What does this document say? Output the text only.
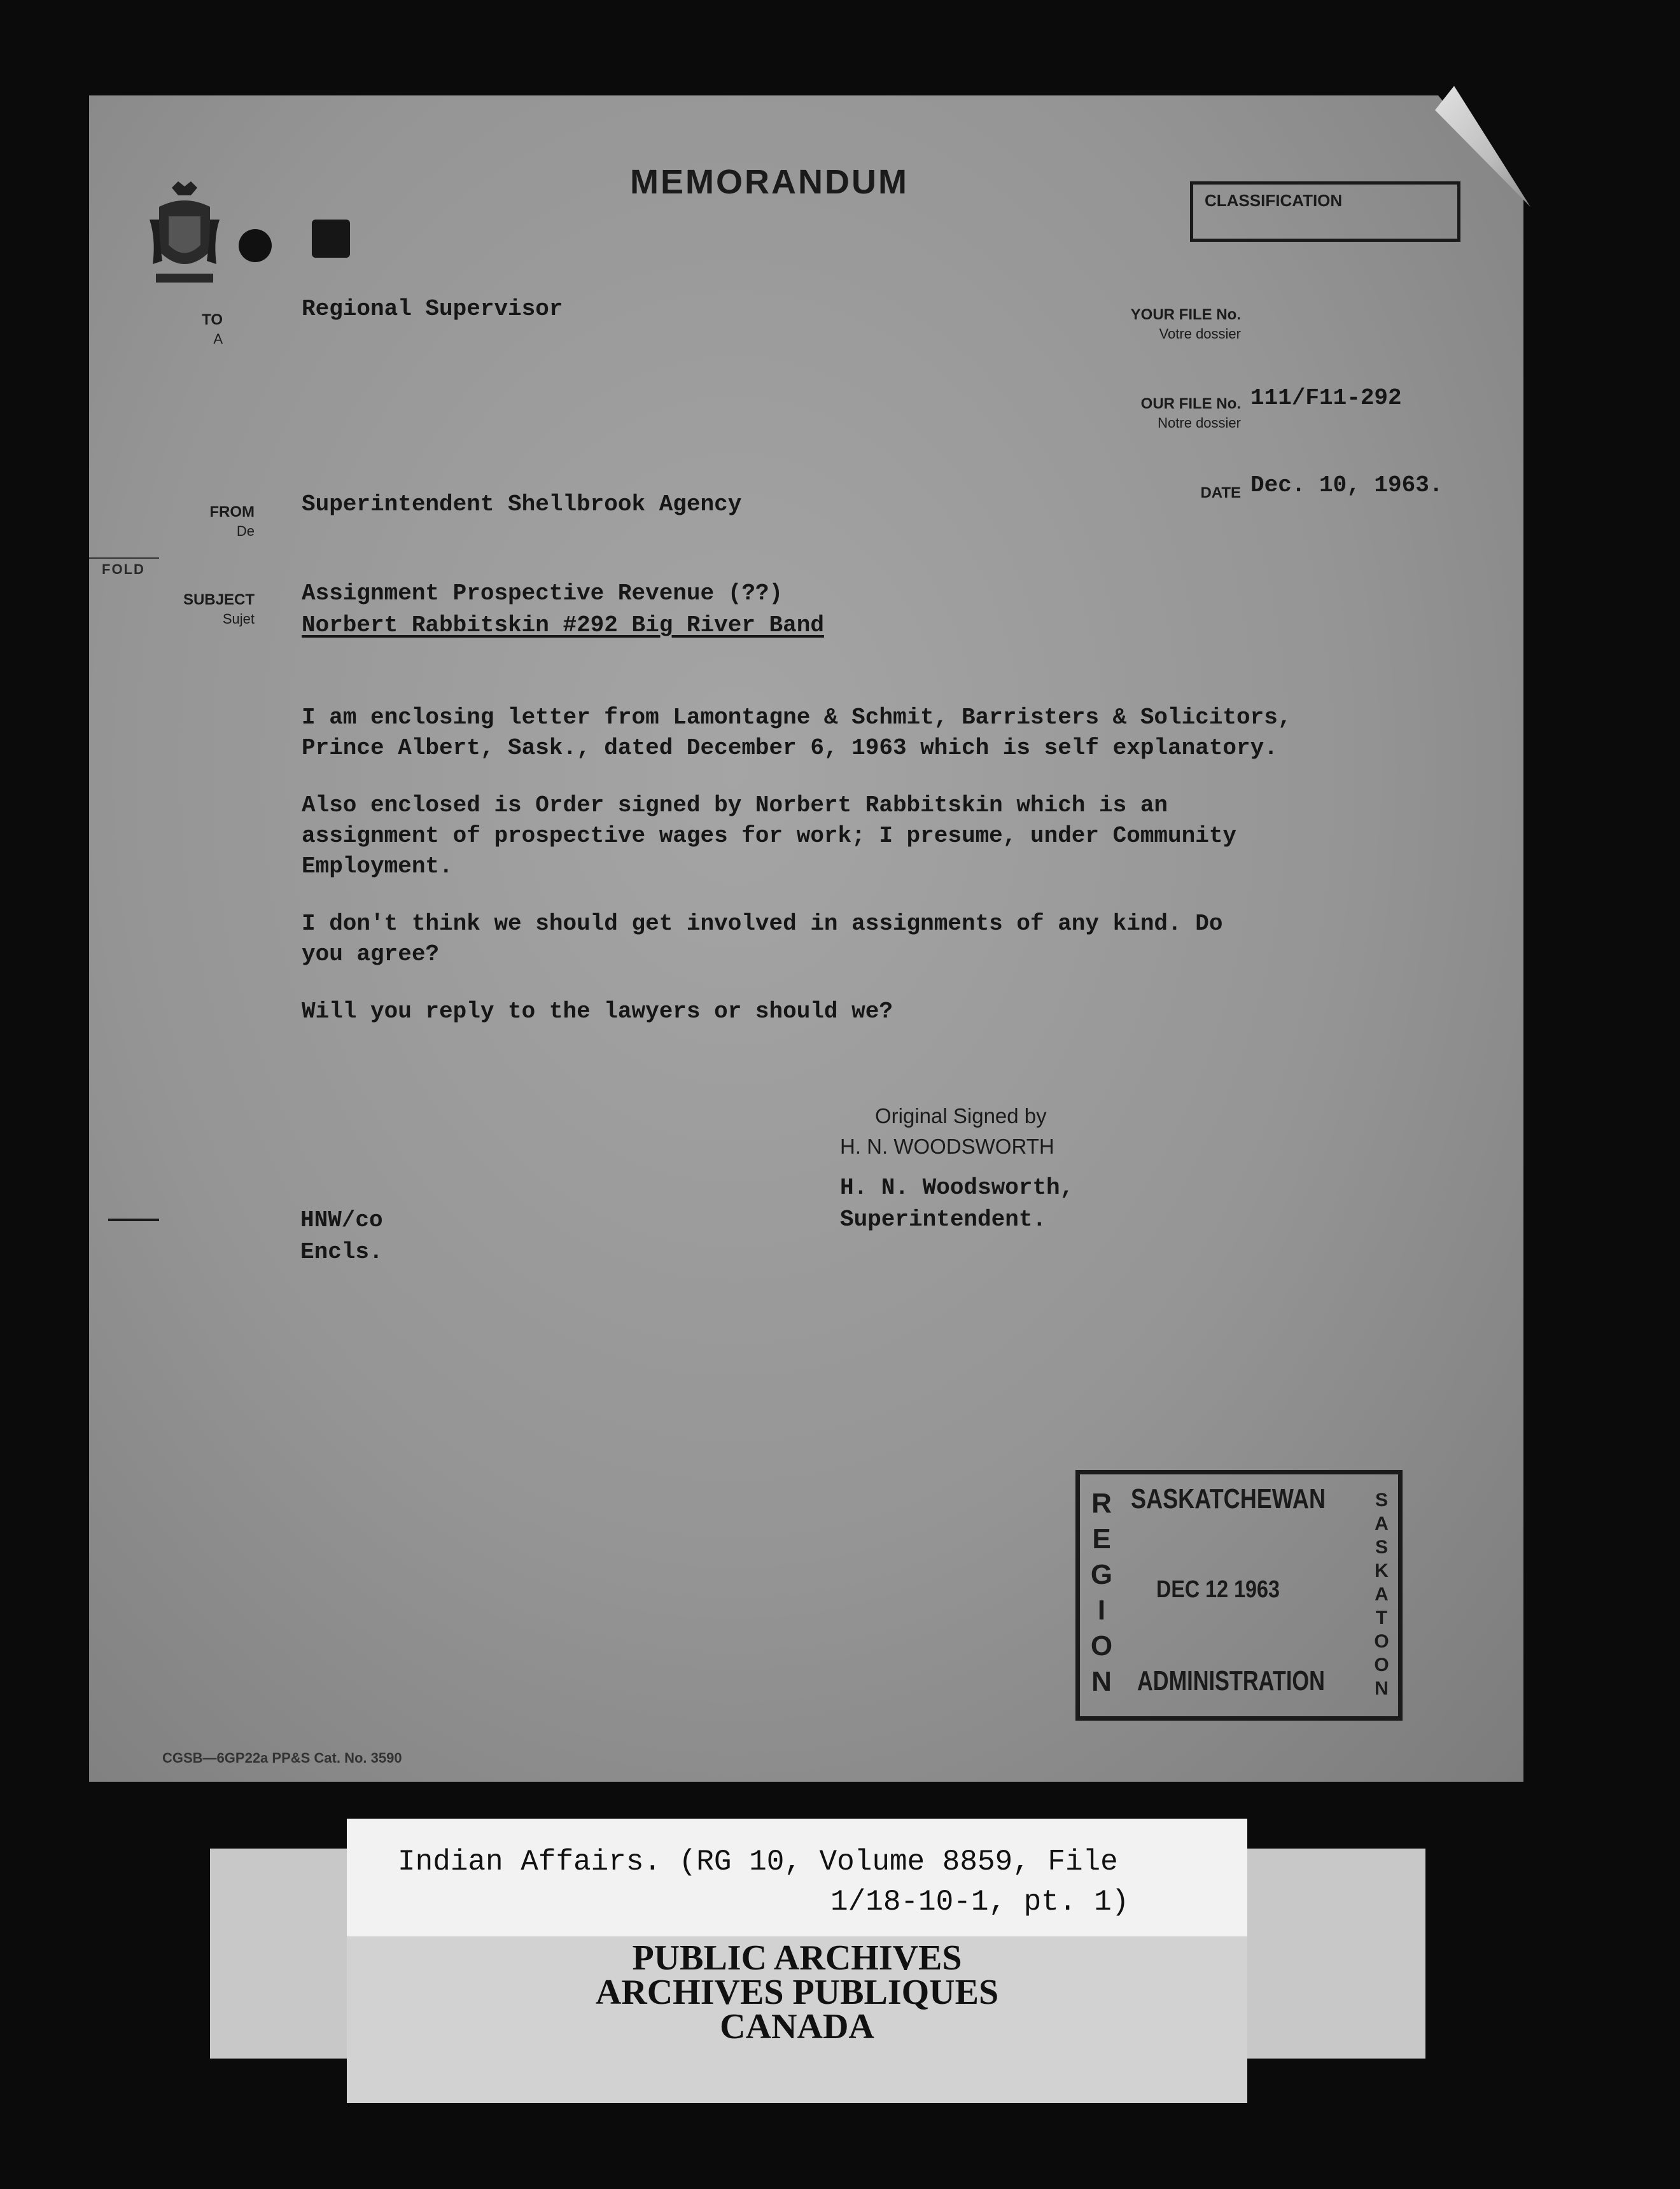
MEMORANDUM	CLASSIFICATION
TO
A
Regional Supervisor	YOUR FILE No.
Votre dossier
OUR FILE No.
Notre dossier
111/F11-292
DATE Dec. 10, 1963.
FROM
De
Superintendent Shellbrook Agency
FOLD
SUBJECT
Sujet
Assignment Prospective Revenue (??)
Norbert Rabbitskin #292 Big River Band

I am enclosing letter from Lamontagne & Schmit, Barristers & Solicitors,

Prince Albert, Sask., dated December 6, 1963 which is self explanatory.

Also enclosed is Order signed by Norbert Rabbitskin which is an

assignment of prospective wages for work; I presume, under Community

Employment.

I don't think we should get involved in assignments of any kind. Do

you agree?

Will you reply to the lawyers or should we?

Original Signed by
H. N. WOODSWORTH
H. N. Woodsworth,
Superintendent.
HNW/co
Encls.
R
E
G
I
O
N
SASKATCHEWAN
DEC 12 1963
ADMINISTRATION
S
A
S
K
A
T
O
O
N
CGSB—6GP22a PP&S Cat. No. 3590
Indian Affairs. (RG 10, Volume 8859, File
1/18-10-1, pt. 1)
PUBLIC ARCHIVES
ARCHIVES PUBLIQUES
CANADA
